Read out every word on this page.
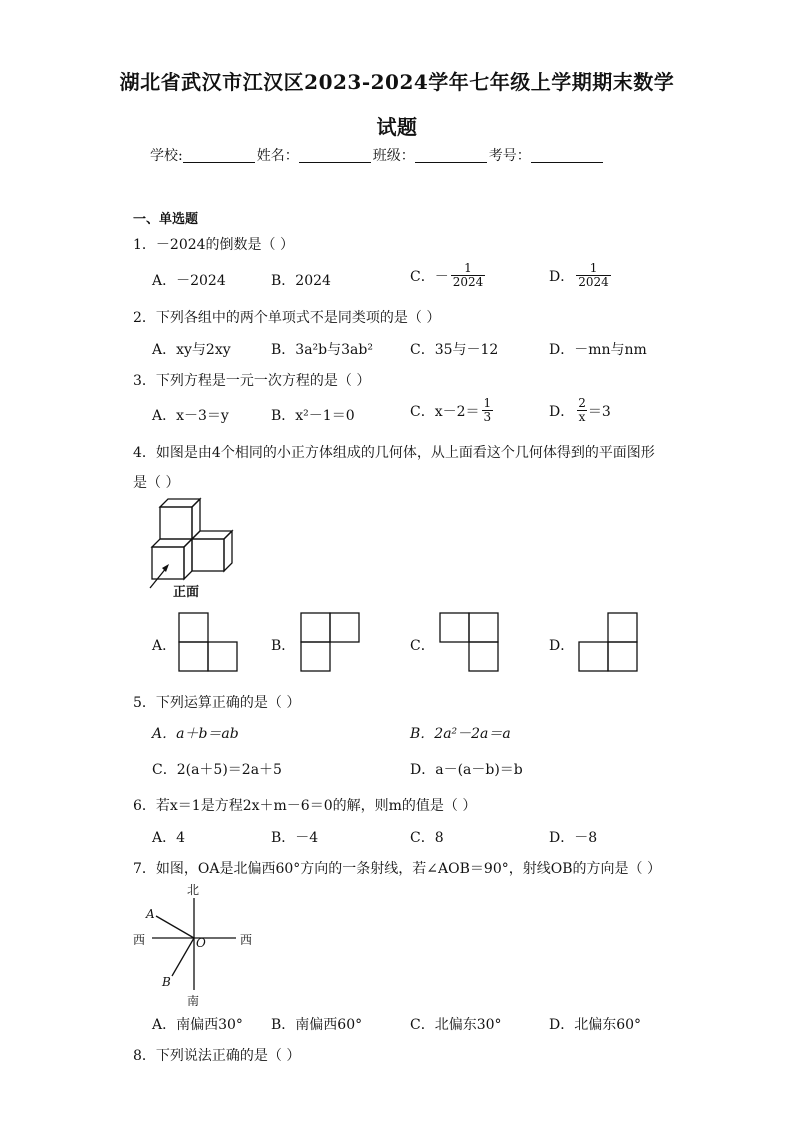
湖北省武汉市江汉区2023-2024学年七年级上学期期末数学
试题
学校:	姓名：	班级：	考号：
一、单选题
1．－2024的倒数是（ ）
A．－2024	B．2024	C．－ $\frac{1}{2024}$	D． $\frac{1}{2024}$
2．下列各组中的两个单项式不是同类项的是（ ）
A．xy与2xy	B．3a²b与3ab²	C．35与－12	D．－mn与nm
3．下列方程是一元一次方程的是（ ）
A．x－3＝y	B．x²－1＝0	C．$x-2= \frac{1}{3}$	D． $\frac{2}{x} =3$
4．如图是由4个相同的小正方体组成的几何体，从上面看这个几何体得到的平面图形
是（ ）
正面
A．	B．	C．	D．
5．下列运算正确的是（ ）
A．a＋b＝ab	B．2a²－2a＝a
C．2(a＋5)＝2a＋5	D．a－(a－b)＝b
6．若x＝1是方程2x＋m－6＝0的解，则m的值是（ ）
A．4	B．－4	C．8	D．－8
7．如图，OA是北偏西60°方向的一条射线，若∠AOB＝90°，射线OB的方向是（ ）
北
南
西	西
A
B
O
A．南偏西30° B．南偏西60°	C．北偏东30°	D．北偏东60°
8．下列说法正确的是（ ）
